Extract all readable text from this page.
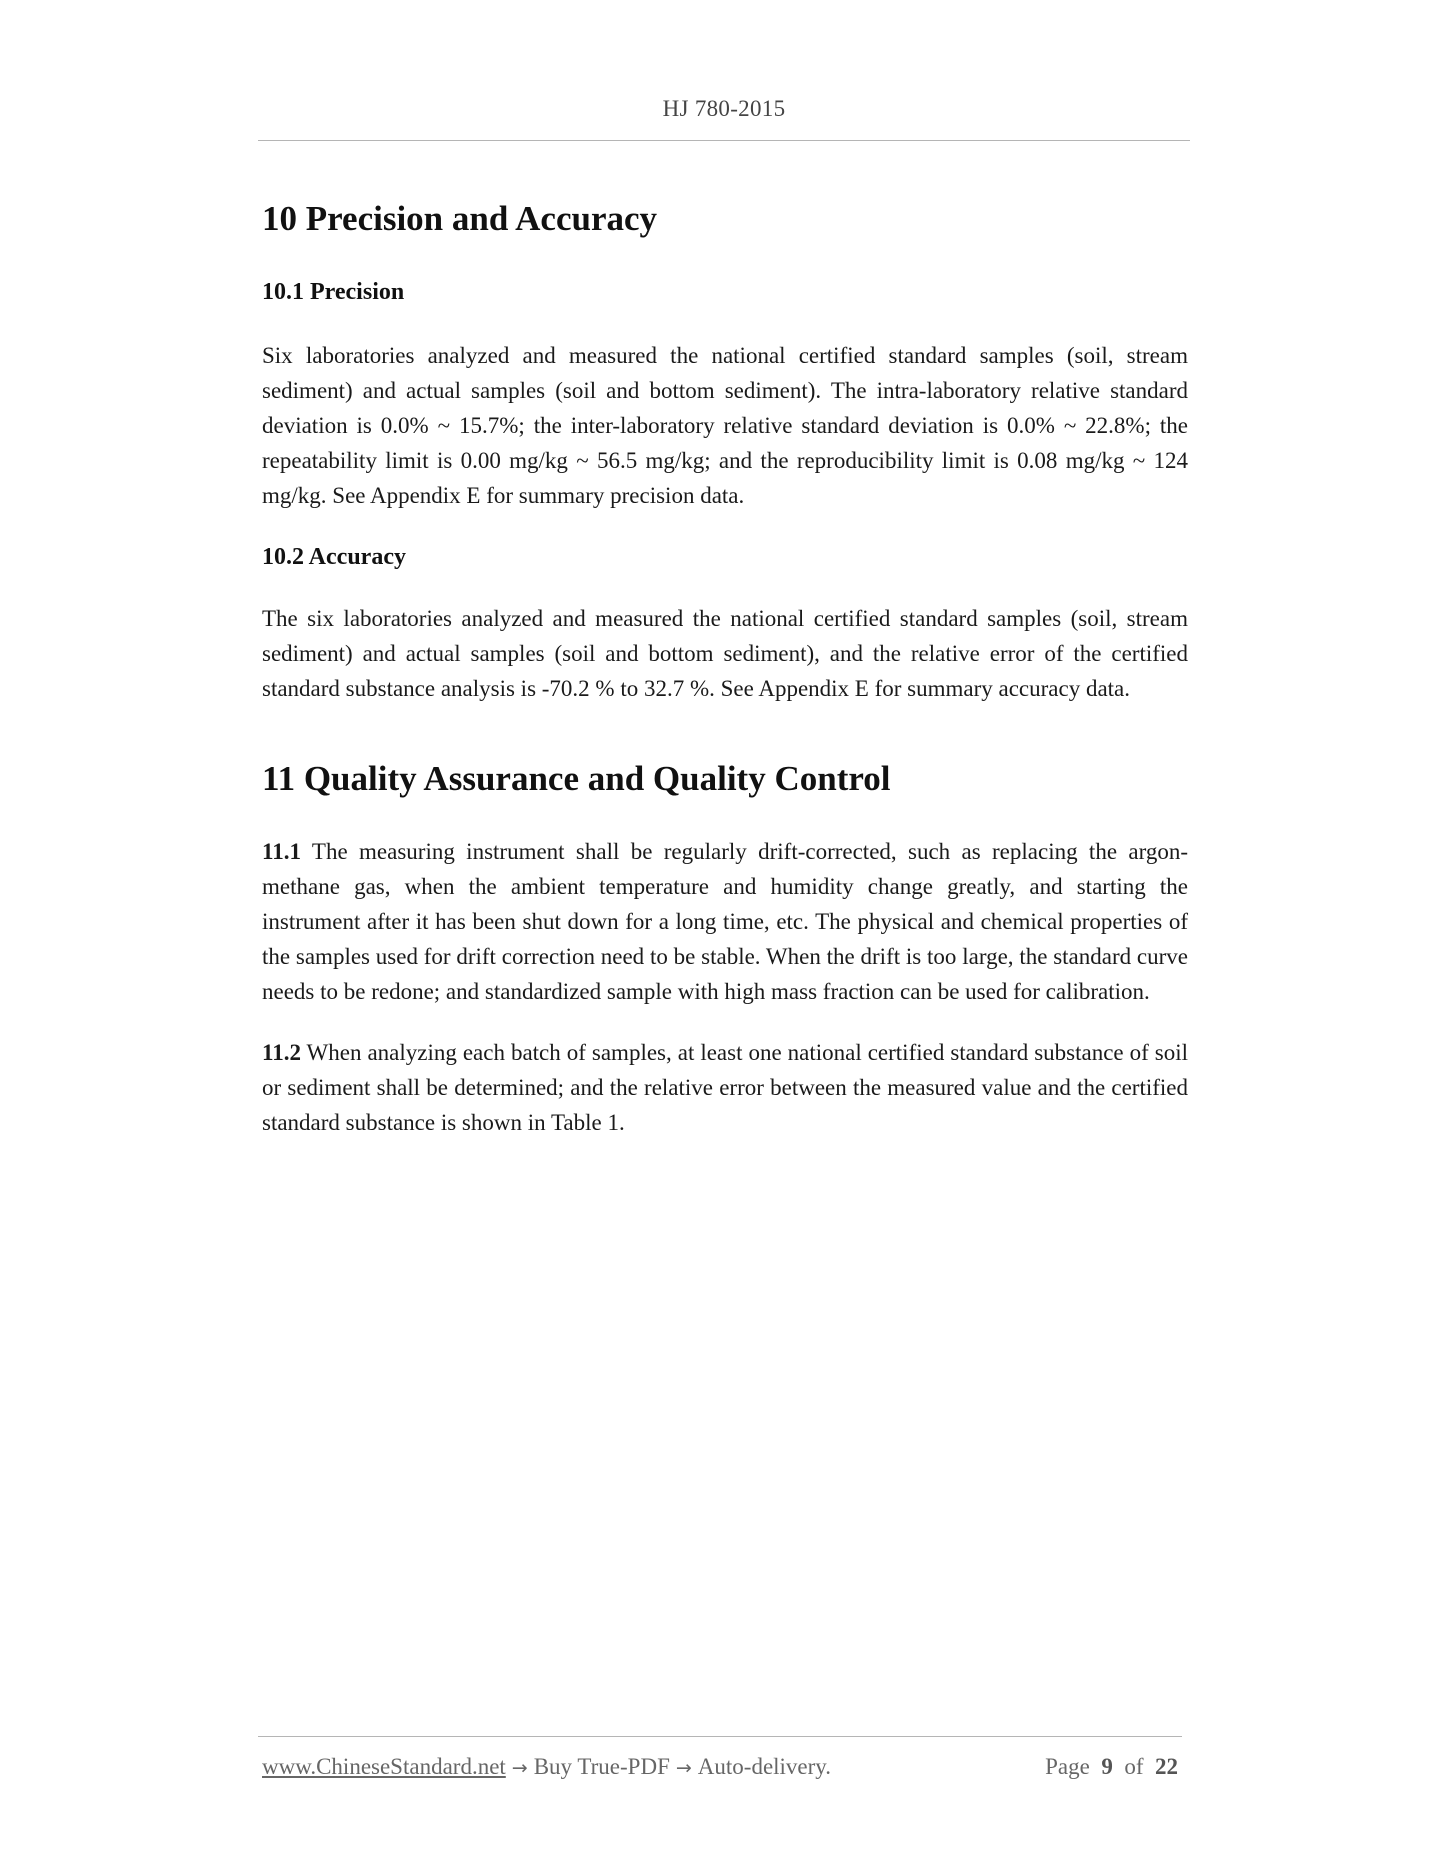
HJ 780-2015
10 Precision and Accuracy
10.1 Precision

Six laboratories analyzed and measured the national certified standard samples (soil, stream sediment) and actual samples (soil and bottom sediment). The intra-laboratory relative standard deviation is 0.0% ~ 15.7%; the inter-laboratory relative standard deviation is 0.0% ~ 22.8%; the repeatability limit is 0.00 mg/kg ~ 56.5 mg/kg; and the reproducibility limit is 0.08 mg/kg ~ 124 mg/kg. See Appendix E for summary precision data.

10.2 Accuracy

The six laboratories analyzed and measured the national certified standard samples (soil, stream sediment) and actual samples (soil and bottom sediment), and the relative error of the certified standard substance analysis is -70.2 % to 32.7 %. See Appendix E for summary accuracy data.

11 Quality Assurance and Quality Control

11.1 The measuring instrument shall be regularly drift-corrected, such as replacing the argon-methane gas, when the ambient temperature and humidity change greatly, and starting the instrument after it has been shut down for a long time, etc. The physical and chemical properties of the samples used for drift correction need to be stable. When the drift is too large, the standard curve needs to be redone; and standardized sample with high mass fraction can be used for calibration.

11.2 When analyzing each batch of samples, at least one national certified standard substance of soil or sediment shall be determined; and the relative error between the measured value and the certified standard substance is shown in Table 1.

www.ChineseStandard.net → Buy True-PDF → Auto-delivery.	Page 9 of 22
